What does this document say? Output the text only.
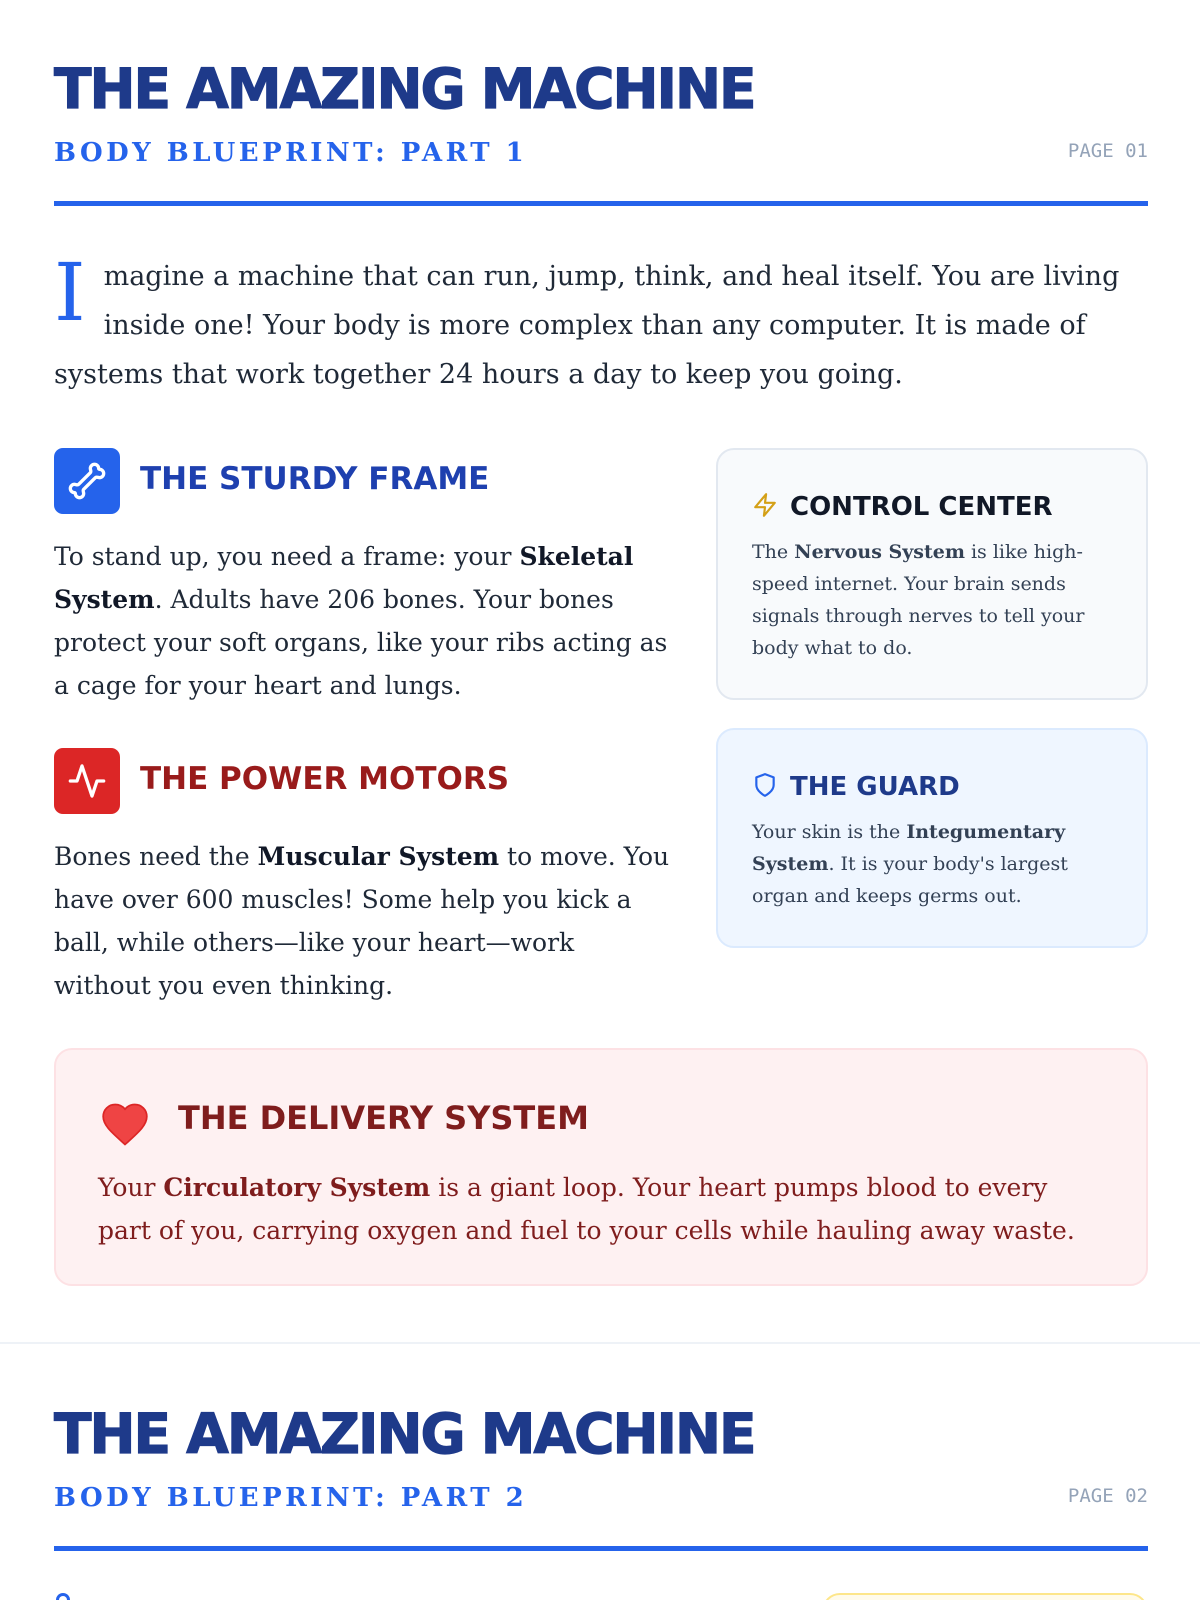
THE AMAZING MACHINE
BODY BLUEPRINT: PART 1	PAGE 01
Imagine a machine that can run, jump, think, and heal itself. You are living inside one! Your body is more complex than any computer. It is made of systems that work together 24 hours a day to keep you going.
THE STURDY FRAME
To stand up, you need a frame: your Skeletal System. Adults have 206 bones. Your bones protect your soft organs, like your ribs acting as a cage for your heart and lungs.
THE POWER MOTORS
Bones need the Muscular System to move. You have over 600 muscles! Some help you kick a ball, while others—like your heart—work without you even thinking.
CONTROL CENTER
The Nervous System is like high-speed internet. Your brain sends signals through nerves to tell your body what to do.
THE GUARD
Your skin is the Integumentary System. It is your body's largest organ and keeps germs out.
THE DELIVERY SYSTEM
Your Circulatory System is a giant loop. Your heart pumps blood to every part of you, carrying oxygen and fuel to your cells while hauling away waste.
THE AMAZING MACHINE
BODY BLUEPRINT: PART 2	PAGE 02
